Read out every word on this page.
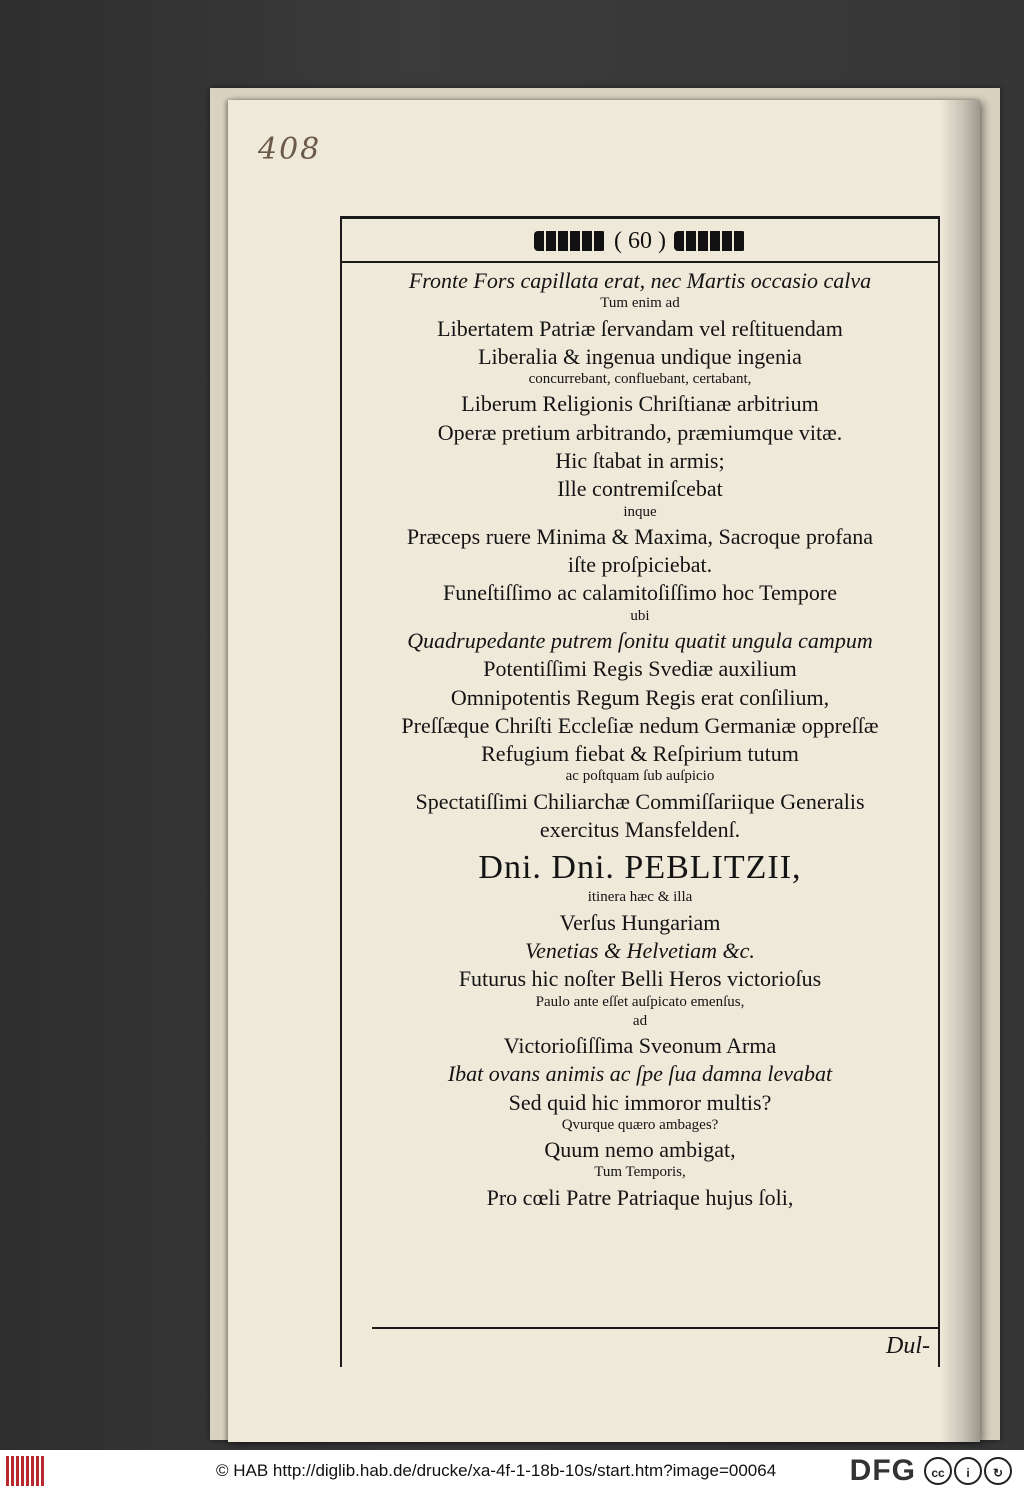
408
( 60 )
Fronte Fors capillata erat, nec Martis occasio calva
Tum enim ad
Libertatem Patriæ ſervandam vel reſtituendam
Liberalia & ingenua undique ingenia
concurrebant, confluebant, certabant,
Liberum Religionis Chriſtianæ arbitrium
Operæ pretium arbitrando, præmiumque vitæ.
Hic ſtabat in armis;
Ille contremiſcebat
inque
Præceps ruere Minima & Maxima, Sacroque profana
iſte proſpiciebat.
Funeſtiſſimo ac calamitoſiſſimo hoc Tempore
ubi
Quadrupedante putrem ſonitu quatit ungula campum
Potentiſſimi Regis Svediæ auxilium
Omnipotentis Regum Regis erat conſilium,
Preſſæque Chriſti Eccleſiæ nedum Germaniæ oppreſſæ
Refugium fiebat & Reſpirium tutum
ac poſtquam ſub auſpicio
Spectatiſſimi Chiliarchæ Commiſſariique Generalis
exercitus Mansfeldenſ.
Dni. Dni. PEBLITZII,
itinera hæc & illa
Verſus Hungariam
Venetias & Helvetiam &c.
Futurus hic noſter Belli Heros victorioſus
Paulo ante eſſet auſpicato emenſus,
ad
Victorioſiſſima Sveonum Arma
Ibat ovans animis ac ſpe ſua damna levabat
Sed quid hic immoror multis?
Qvurque quæro ambages?
Quum nemo ambigat,
Tum Temporis,
Pro cœli Patre Patriaque hujus ſoli,
Dul-
© HAB http://diglib.hab.de/drucke/xa-4f-1-18b-10s/start.htm?image=00064 DFG	cc	i	↻
